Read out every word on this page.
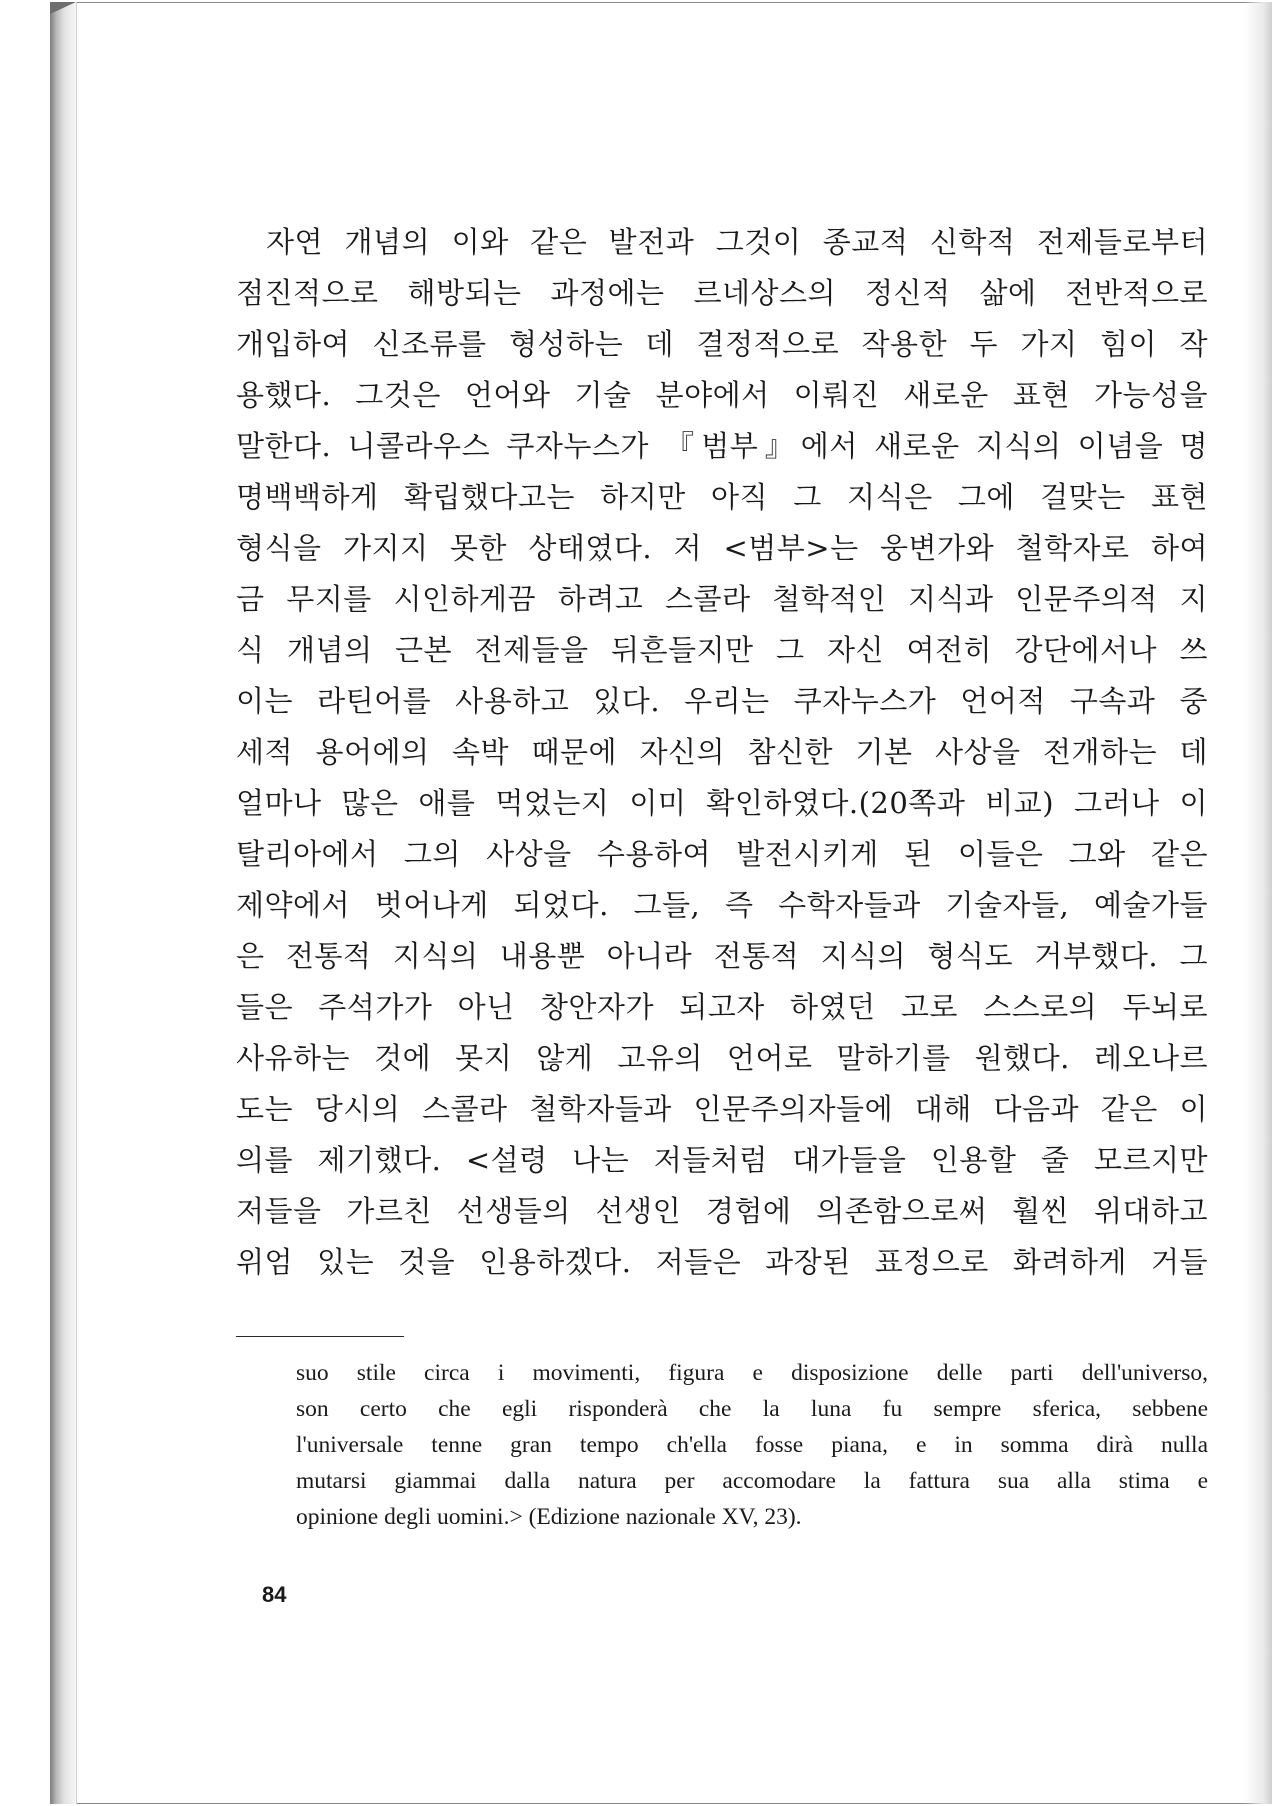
자연 개념의 이와 같은 발전과 그것이 종교적 신학적 전제들로부터
점진적으로 해방되는 과정에는 르네상스의 정신적 삶에 전반적으로
개입하여 신조류를 형성하는 데 결정적으로 작용한 두 가지 힘이 작
용했다. 그것은 언어와 기술 분야에서 이뤄진 새로운 표현 가능성을
말한다. 니콜라우스 쿠자누스가 『범부』에서 새로운 지식의 이념을 명
명백백하게 확립했다고는 하지만 아직 그 지식은 그에 걸맞는 표현
형식을 가지지 못한 상태였다. 저 <범부>는 웅변가와 철학자로 하여
금 무지를 시인하게끔 하려고 스콜라 철학적인 지식과 인문주의적 지
식 개념의 근본 전제들을 뒤흔들지만 그 자신 여전히 강단에서나 쓰
이는 라틴어를 사용하고 있다. 우리는 쿠자누스가 언어적 구속과 중
세적 용어에의 속박 때문에 자신의 참신한 기본 사상을 전개하는 데
얼마나 많은 애를 먹었는지 이미 확인하였다.(20쪽과 비교) 그러나 이
탈리아에서 그의 사상을 수용하여 발전시키게 된 이들은 그와 같은
제약에서 벗어나게 되었다. 그들, 즉 수학자들과 기술자들, 예술가들
은 전통적 지식의 내용뿐 아니라 전통적 지식의 형식도 거부했다. 그
들은 주석가가 아닌 창안자가 되고자 하였던 고로 스스로의 두뇌로
사유하는 것에 못지 않게 고유의 언어로 말하기를 원했다. 레오나르
도는 당시의 스콜라 철학자들과 인문주의자들에 대해 다음과 같은 이
의를 제기했다. <설령 나는 저들처럼 대가들을 인용할 줄 모르지만
저들을 가르친 선생들의 선생인 경험에 의존함으로써 훨씬 위대하고
위엄 있는 것을 인용하겠다. 저들은 과장된 표정으로 화려하게 거들
suo stile circa i movimenti, figura e disposizione delle parti dell'universo,
son certo che egli risponderà che la luna fu sempre sferica, sebbene
l'universale tenne gran tempo ch'ella fosse piana, e in somma dirà nulla
mutarsi giammai dalla natura per accomodare la fattura sua alla stima e
opinione degli uomini.> (Edizione nazionale XV, 23).
84
